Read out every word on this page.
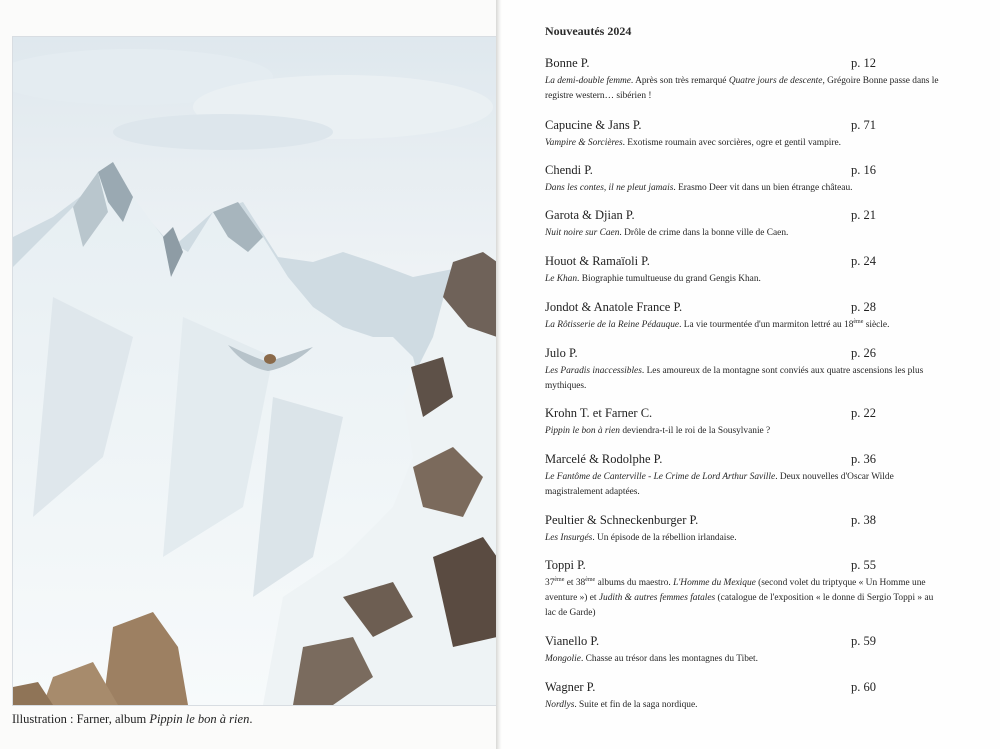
Illustration : Farner, album Pippin le bon à rien.
Nouveautés 2024
Bonne P.	p. 12
La demi-double femme. Après son très remarqué Quatre jours de descente, Grégoire Bonne passe dans le registre western… sibérien !
Capucine & Jans P.	p. 71
Vampire & Sorcières. Exotisme roumain avec sorcières, ogre et gentil vampire.
Chendi P.	p. 16
Dans les contes, il ne pleut jamais. Erasmo Deer vit dans un bien étrange château.
Garota & Djian P.	p. 21
Nuit noire sur Caen. Drôle de crime dans la bonne ville de Caen.
Houot & Ramaïoli P.	p. 24
Le Khan. Biographie tumultueuse du grand Gengis Khan.
Jondot & Anatole France P.	p. 28
La Rôtisserie de la Reine Pédauque. La vie tourmentée d'un marmiton lettré au 18ème siècle.
Julo P.	p. 26
Les Paradis inaccessibles. Les amoureux de la montagne sont conviés aux quatre ascensions les plus mythiques.
Krohn T. et Farner C.	p. 22
Pippin le bon à rien deviendra-t-il le roi de la Sousylvanie ?
Marcelé & Rodolphe P.	p. 36
Le Fantôme de Canterville - Le Crime de Lord Arthur Saville. Deux nouvelles d'Oscar Wilde magistralement adaptées.
Peultier & Schneckenburger P.	p. 38
Les Insurgés. Un épisode de la rébellion irlandaise.
Toppi P.	p. 55
37ème et 38ème albums du maestro. L'Homme du Mexique (second volet du triptyque « Un Homme une aventure ») et Judith & autres femmes fatales (catalogue de l'exposition « le donne di Sergio Toppi » au lac de Garde)
Vianello P.	p. 59
Mongolie. Chasse au trésor dans les montagnes du Tibet.
Wagner P.	p. 60
Nordlys. Suite et fin de la saga nordique.
